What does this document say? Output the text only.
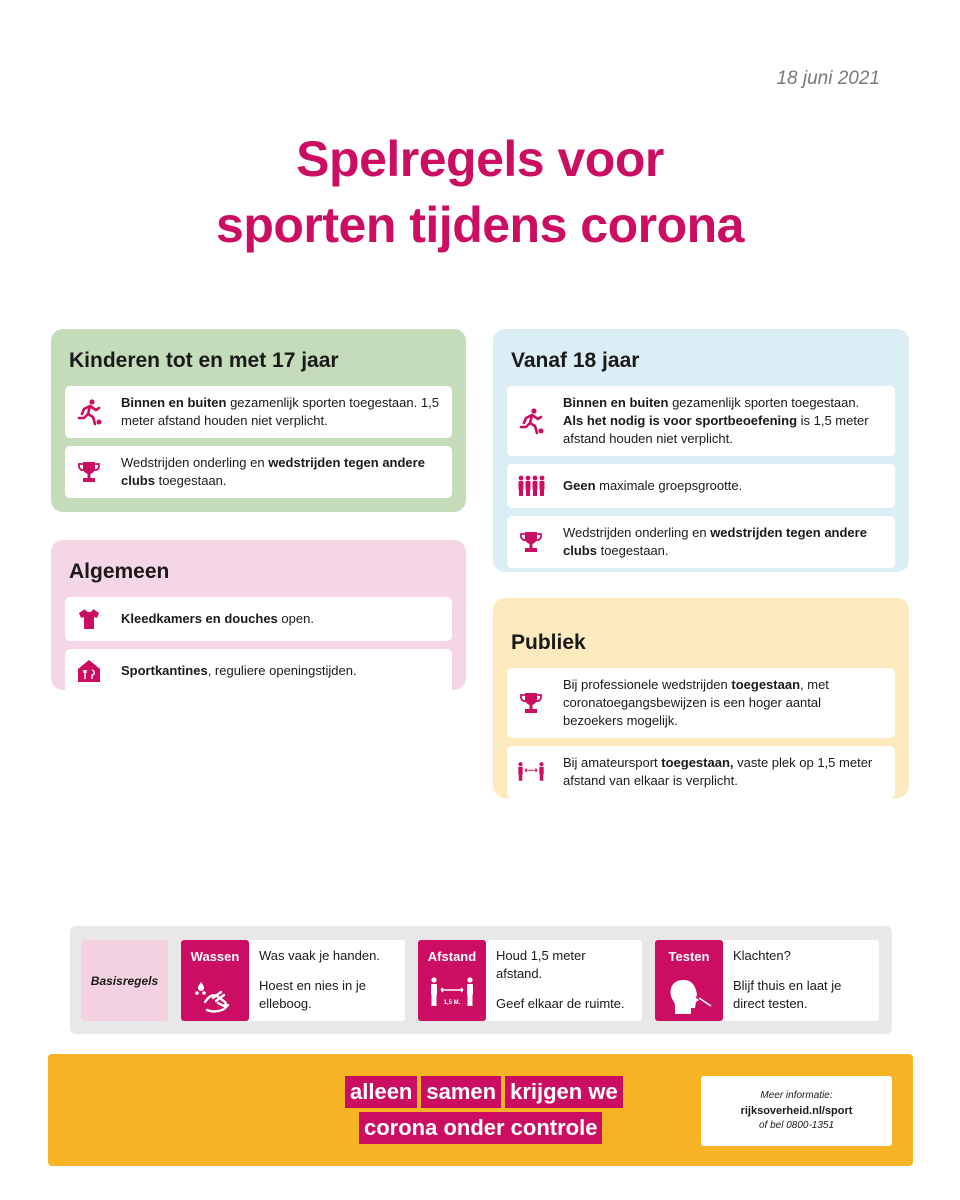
18 juni 2021
Spelregels voor
sporten tijdens corona
Kinderen tot en met 17 jaar
Binnen en buiten gezamenlijk sporten toegestaan. 1,5 meter afstand houden niet verplicht.
Wedstrijden onderling en wedstrijden tegen andere clubs toegestaan.
Algemeen
Kleedkamers en douches open.
Sportkantines, reguliere openingstijden.
Vanaf 18 jaar
Binnen en buiten gezamenlijk sporten toegestaan. Als het nodig is voor sportbeoefening is 1,5 meter afstand houden niet verplicht.
Geen maximale groepsgrootte.
Wedstrijden onderling en wedstrijden tegen andere clubs toegestaan.
Publiek
Bij professionele wedstrijden toegestaan, met coronatoegangsbewijzen is een hoger aantal bezoekers mogelijk.
Bij amateursport toegestaan, vaste plek op 1,5 meter afstand van elkaar is verplicht.
Basisregels
Wassen	Was vaak je handen.

Hoest en nies in je elleboog.

Afstand
1,5 M.

Houd 1,5 meter afstand.

Geef elkaar de ruimte.

Testen	Klachten?

Blijf thuis en laat je direct testen.

alleen samen krijgen we
corona onder controle
Meer informatie:
rijksoverheid.nl/sport
of bel 0800-1351
